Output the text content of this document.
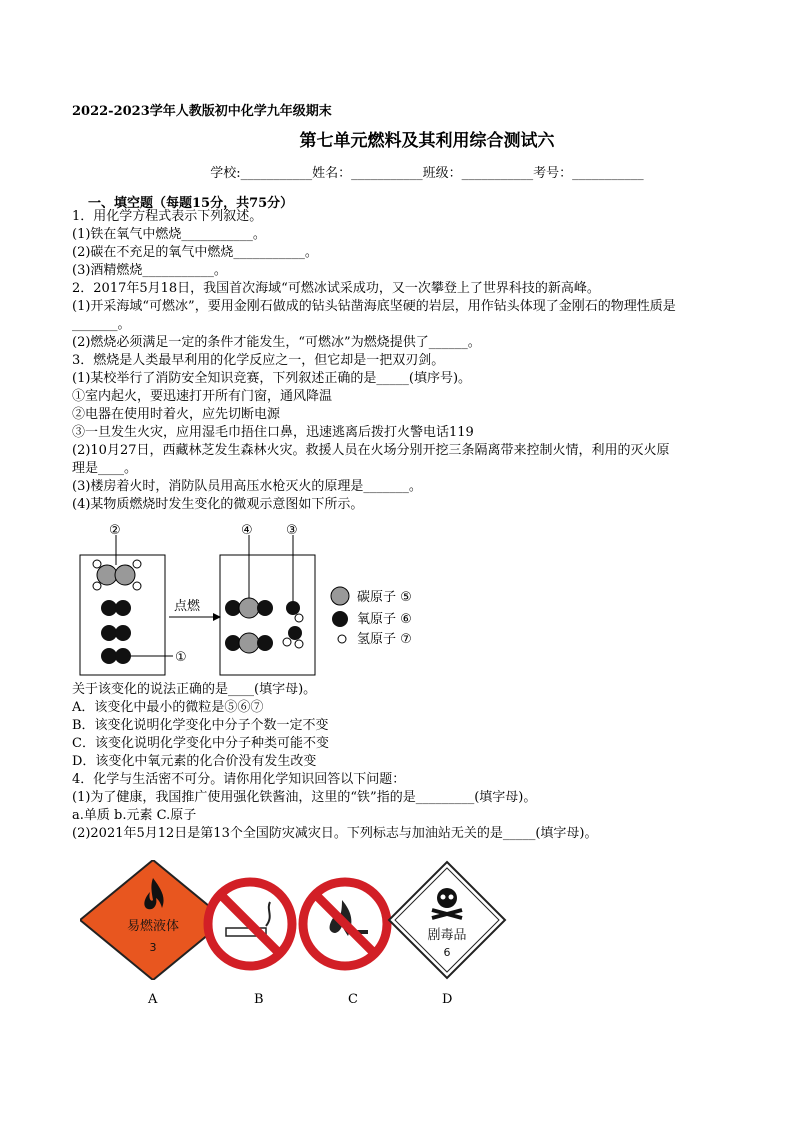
2022-2023学年人教版初中化学九年级期末
第七单元燃料及其利用综合测试六
学校:___________姓名：___________班级：___________考号：___________
一、填空题（每题15分，共75分）
1．用化学方程式表示下列叙述。
(1)铁在氧气中燃烧___________。
(2)碳在不充足的氧气中燃烧___________。
(3)酒精燃烧___________。
2．2017年5月18日，我国首次海域“可燃冰试采成功，又一次攀登上了世界科技的新高峰。
(1)开采海域“可燃冰”，要用金刚石做成的钻头钻凿海底坚硬的岩层，用作钻头体现了金刚石的物理性质是
_______。
(2)燃烧必须满足一定的条件才能发生，“可燃冰”为燃烧提供了______。
3．燃烧是人类最早利用的化学反应之一，但它却是一把双刃剑。
(1)某校举行了消防安全知识竞赛，下列叙述正确的是_____(填序号)。
①室内起火，要迅速打开所有门窗，通风降温
②电器在使用时着火，应先切断电源
③一旦发生火灾，应用湿毛巾捂住口鼻，迅速逃离后拨打火警电话119
(2)10月27日，西藏林芝发生森林火灾。救援人员在火场分别开挖三条隔离带来控制火情，利用的灭火原
理是____。
(3)楼房着火时，消防队员用高压水枪灭火的原理是_______。
(4)某物质燃烧时发生变化的微观示意图如下所示。
点燃
②	④	③
①
碳原子 ⑤
氧原子 ⑥
氢原子 ⑦
关于该变化的说法正确的是____(填字母)。
A．该变化中最小的微粒是⑤⑥⑦
B．该变化说明化学变化中分子个数一定不变
C．该变化说明化学变化中分子种类可能不变
D．该变化中氧元素的化合价没有发生改变
4．化学与生活密不可分。请你用化学知识回答以下问题：
(1)为了健康，我国推广使用强化铁酱油，这里的“铁”指的是_________(填字母)。
a.单质 b.元素 C.原子
(2)2021年5月12日是第13个全国防灾减灾日。下列标志与加油站无关的是_____(填字母)。
易燃液体
3
剧毒品
6
A	B	C	D
